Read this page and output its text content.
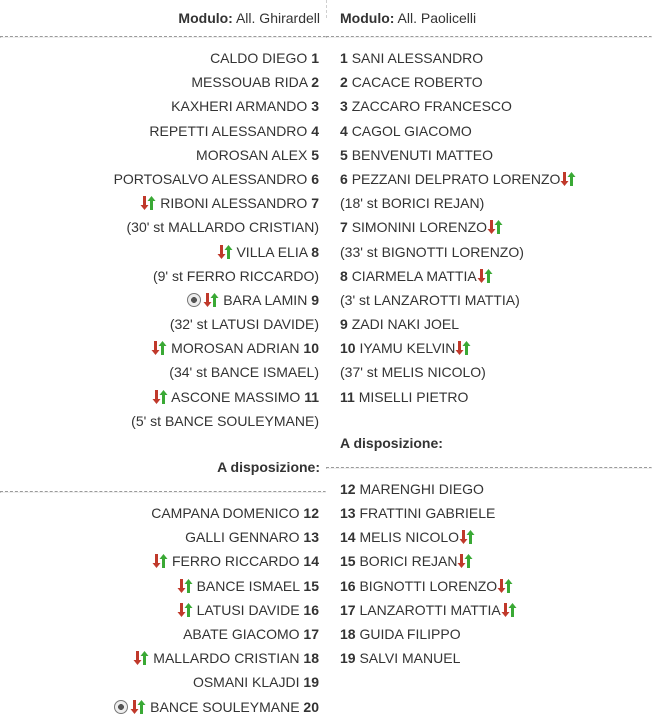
Modulo: All. Ghirardell
CALDO DIEGO 1
MESSOUAB RIDA 2
KAXHERI ARMANDO 3
REPETTI ALESSANDRO 4
MOROSAN ALEX 5
PORTOSALVO ALESSANDRO 6
RIBONI ALESSANDRO 7
(30' st MALLARDO CRISTIAN)
VILLA ELIA 8
(9' st FERRO RICCARDO)
BARA LAMIN 9
(32' st LATUSI DAVIDE)
MOROSAN ADRIAN 10
(34' st BANCE ISMAEL)
ASCONE MASSIMO 11
(5' st BANCE SOULEYMANE)
A disposizione:
CAMPANA DOMENICO 12
GALLI GENNARO 13
FERRO RICCARDO 14
BANCE ISMAEL 15
LATUSI DAVIDE 16
ABATE GIACOMO 17
MALLARDO CRISTIAN 18
OSMANI KLAJDI 19
BANCE SOULEYMANE 20
Modulo: All. Paolicelli
1 SANI ALESSANDRO
2 CACACE ROBERTO
3 ZACCARO FRANCESCO
4 CAGOL GIACOMO
5 BENVENUTI MATTEO
6 PEZZANI DELPRATO LORENZO
(18' st BORICI REJAN)
7 SIMONINI LORENZO
(33' st BIGNOTTI LORENZO)
8 CIARMELA MATTIA
(3' st LANZAROTTI MATTIA)
9 ZADI NAKI JOEL
10 IYAMU KELVIN
(37' st MELIS NICOLO)
11 MISELLI PIETRO
A disposizione:
12 MARENGHI DIEGO
13 FRATTINI GABRIELE
14 MELIS NICOLO
15 BORICI REJAN
16 BIGNOTTI LORENZO
17 LANZAROTTI MATTIA
18 GUIDA FILIPPO
19 SALVI MANUEL
